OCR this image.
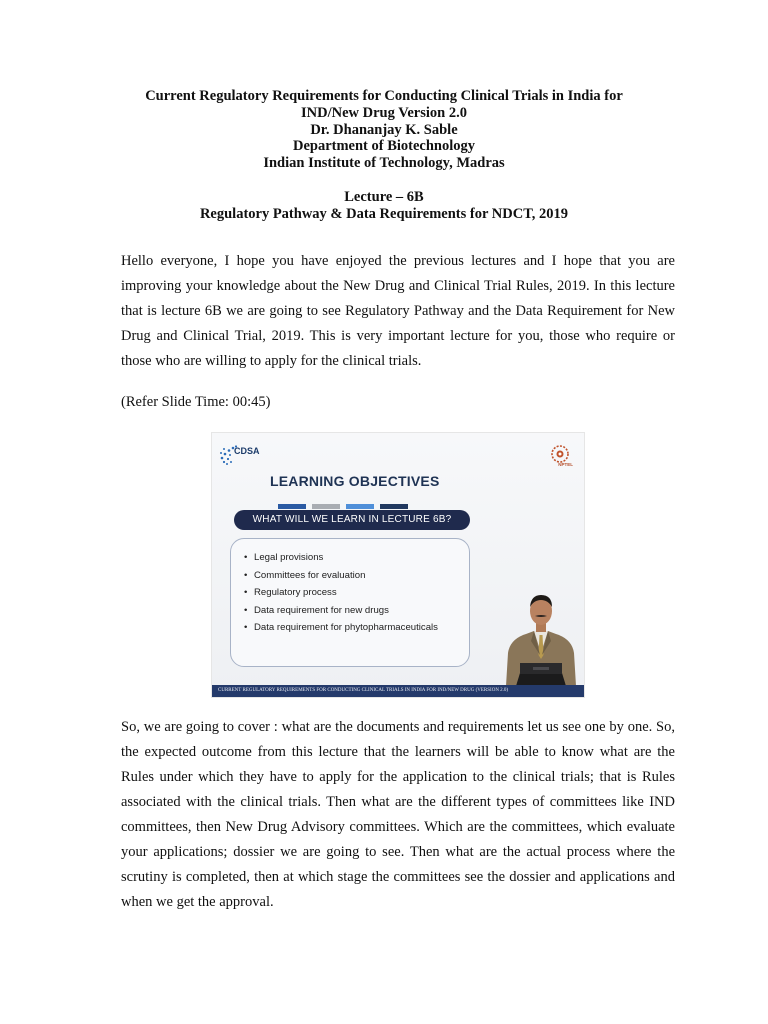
Current Regulatory Requirements for Conducting Clinical Trials in India for
IND/New Drug Version 2.0
Dr. Dhananjay K. Sable
Department of Biotechnology
Indian Institute of Technology, Madras
Lecture – 6B
Regulatory Pathway & Data Requirements for NDCT, 2019

Hello everyone, I hope you have enjoyed the previous lectures and I hope that you are improving your knowledge about the New Drug and Clinical Trial Rules, 2019. In this lecture that is lecture 6B we are going to see Regulatory Pathway and the Data Requirement for New Drug and Clinical Trial, 2019. This is very important lecture for you, those who require or those who are willing to apply for the clinical trials.

(Refer Slide Time: 00:45)
CDSA
NPTEL
LEARNING OBJECTIVES
WHAT WILL WE LEARN IN LECTURE 6B?
• Legal provisions
• Committees for evaluation
• Regulatory process
• Data requirement for new drugs
• Data requirement for phytopharmaceuticals
CURRENT REGULATORY REQUIREMENTS FOR CONDUCTING CLINICAL TRIALS IN INDIA FOR IND/NEW DRUG (VERSION 2.0)

So, we are going to cover : what are the documents and requirements let us see one by one. So, the expected outcome from this lecture that the learners will be able to know what are the Rules under which they have to apply for the application to the clinical trials; that is Rules associated with the clinical trials. Then what are the different types of committees like IND committees, then New Drug Advisory committees. Which are the committees, which evaluate your applications; dossier we are going to see. Then what are the actual process where the scrutiny is completed, then at which stage the committees see the dossier and applications and when we get the approval.
